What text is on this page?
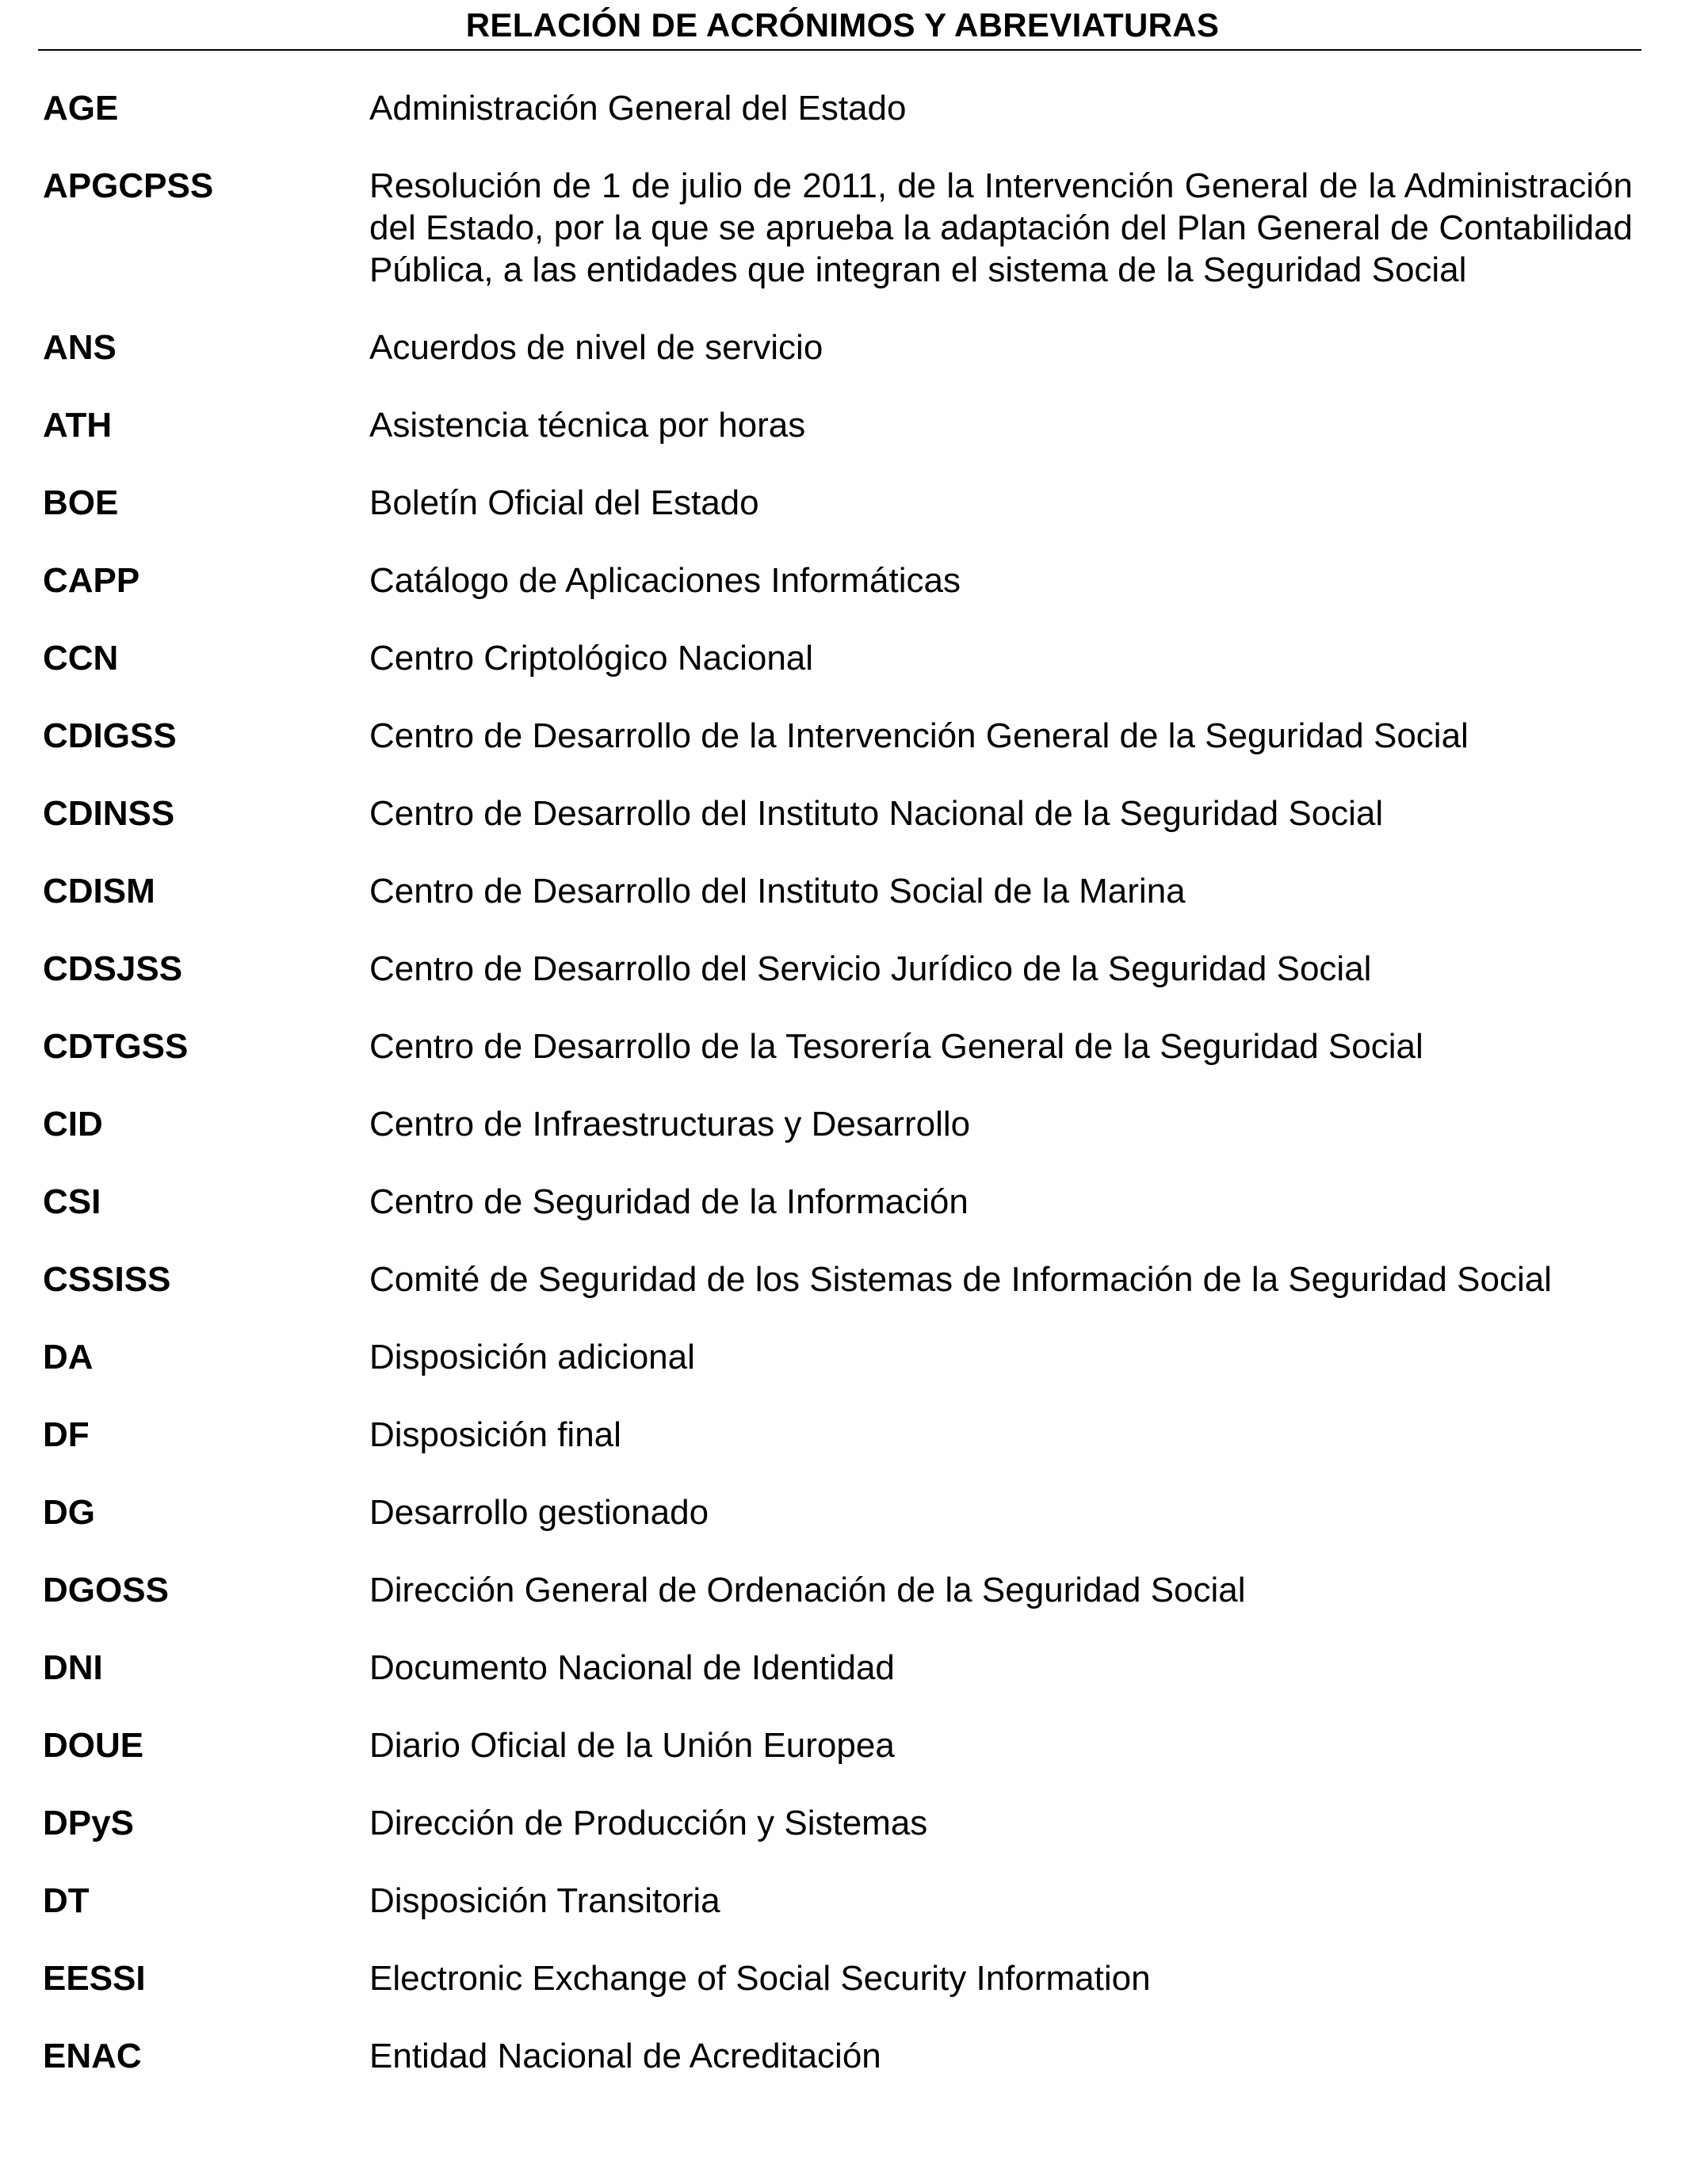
RELACIÓN DE ACRÓNIMOS Y ABREVIATURAS
AGE	Administración General del Estado
APGCPSS	Resolución de 1 de julio de 2011, de la Intervención General de la Administración del Estado, por la que se aprueba la adaptación del Plan General de Contabilidad Pública, a las entidades que integran el sistema de la Seguridad Social
ANS	Acuerdos de nivel de servicio
ATH	Asistencia técnica por horas
BOE	Boletín Oficial del Estado
CAPP	Catálogo de Aplicaciones Informáticas
CCN	Centro Criptológico Nacional
CDIGSS	Centro de Desarrollo de la Intervención General de la Seguridad Social
CDINSS	Centro de Desarrollo del Instituto Nacional de la Seguridad Social
CDISM	Centro de Desarrollo del Instituto Social de la Marina
CDSJSS	Centro de Desarrollo del Servicio Jurídico de la Seguridad Social
CDTGSS	Centro de Desarrollo de la Tesorería General de la Seguridad Social
CID	Centro de Infraestructuras y Desarrollo
CSI	Centro de Seguridad de la Información
CSSISS	Comité de Seguridad de los Sistemas de Información de la Seguridad Social
DA	Disposición adicional
DF	Disposición final
DG	Desarrollo gestionado
DGOSS	Dirección General de Ordenación de la Seguridad Social
DNI	Documento Nacional de Identidad
DOUE	Diario Oficial de la Unión Europea
DPyS	Dirección de Producción y Sistemas
DT	Disposición Transitoria
EESSI	Electronic Exchange of Social Security Information
ENAC	Entidad Nacional de Acreditación
